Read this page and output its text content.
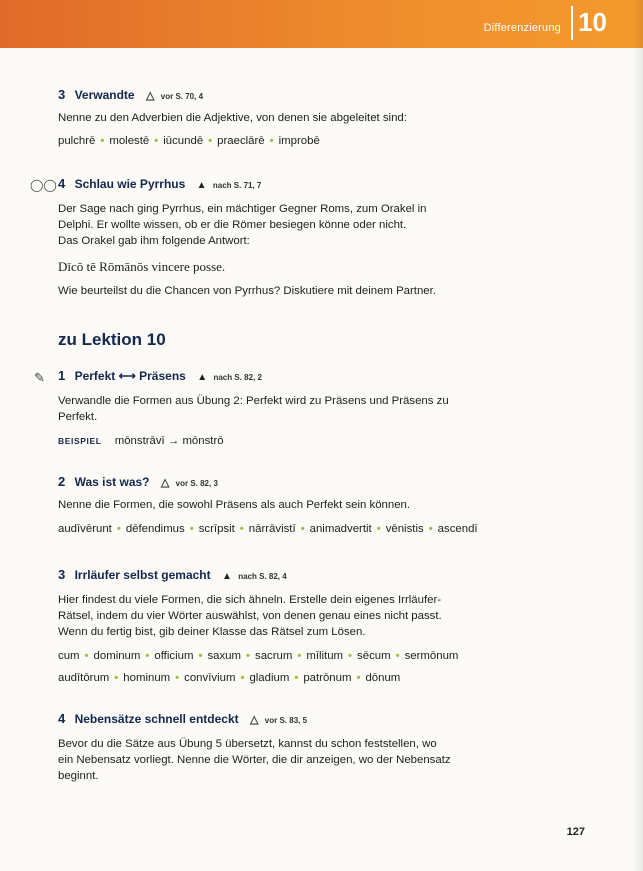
Differenzierung 10
3 Verwandte △ vor S. 70, 4
Nenne zu den Adverbien die Adjektive, von denen sie abgeleitet sind:
pulchrē • molestē • iūcundē • praeclārē • improbē
◯◯ 4 Schlau wie Pyrrhus ▲ nach S. 71, 7
Der Sage nach ging Pyrrhus, ein mächtiger Gegner Roms, zum Orakel in
Delphi. Er wollte wissen, ob er die Römer besiegen könne oder nicht.
Das Orakel gab ihm folgende Antwort:
Dīcō tē Rōmānōs vincere posse.
Wie beurteilst du die Chancen von Pyrrhus? Diskutiere mit deinem Partner.
zu Lektion 10
✎ 1 Perfekt ⟷ Präsens ▲ nach S. 82, 2
Verwandle die Formen aus Übung 2: Perfekt wird zu Präsens und Präsens zu
Perfekt.
BEISPIEL mōnstrāvī → mōnstrō
2 Was ist was? △ vor S. 82, 3
Nenne die Formen, die sowohl Präsens als auch Perfekt sein können.
audīvērunt • dēfendimus • scrīpsit • nārrāvistī • animadvertit • vēnistis • ascendī
3 Irrläufer selbst gemacht ▲ nach S. 82, 4
Hier findest du viele Formen, die sich ähneln. Erstelle dein eigenes Irrläufer-
Rätsel, indem du vier Wörter auswählst, von denen genau eines nicht passt.
Wenn du fertig bist, gib deiner Klasse das Rätsel zum Lösen.
cum • dominum • officium • saxum • sacrum • mīlitum • sēcum • sermōnum
audītōrum • hominum • convīvium • gladium • patrōnum • dōnum
4 Nebensätze schnell entdeckt △ vor S. 83, 5
Bevor du die Sätze aus Übung 5 übersetzt, kannst du schon feststellen, wo
ein Nebensatz vorliegt. Nenne die Wörter, die dir anzeigen, wo der Nebensatz
beginnt.
127
